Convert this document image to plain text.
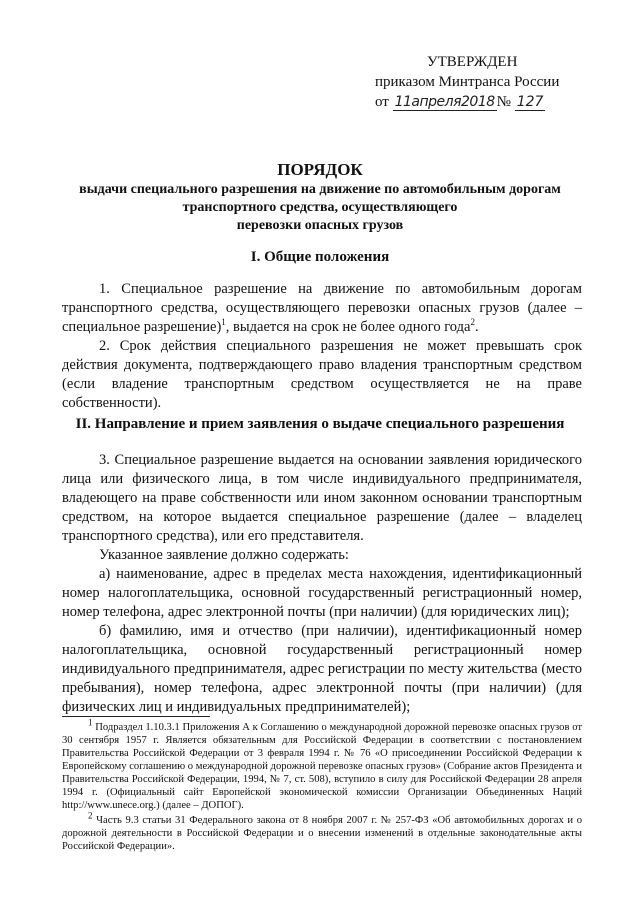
УТВЕРЖДЕН
приказом Минтранса России
от 11апреля2018 № 127
ПОРЯДОК
выдачи специального разрешения на движение по автомобильным дорогам
транспортного средства, осуществляющего
перевозки опасных грузов
I. Общие положения

1. Специальное разрешение на движение по автомобильным дорогам транспортного средства, осуществляющего перевозки опасных грузов (далее – специальное разрешение)$^1$, выдается на срок не более одного года$^2$.

2. Срок действия специального разрешения не может превышать срок действия документа, подтверждающего право владения транспортным средством (если владение транспортным средством осуществляется не на праве собственности).

II. Направление и прием заявления о выдаче специального разрешения

3. Специальное разрешение выдается на основании заявления юридического лица или физического лица, в том числе индивидуального предпринимателя, владеющего на праве собственности или ином законном основании транспортным средством, на которое выдается специальное разрешение (далее – владелец транспортного средства), или его представителя.

Указанное заявление должно содержать:

а) наименование, адрес в пределах места нахождения, идентификационный номер налогоплательщика, основной государственный регистрационный номер, номер телефона, адрес электронной почты (при наличии) (для юридических лиц);

б) фамилию, имя и отчество (при наличии), идентификационный номер налогоплательщика, основной государственный регистрационный номер индивидуального предпринимателя, адрес регистрации по месту жительства (место пребывания), номер телефона, адрес электронной почты (при наличии) (для физических лиц и индивидуальных предпринимателей);

$^1$ Подраздел 1.10.3.1 Приложения А к Соглашению о международной дорожной перевозке опасных грузов от 30 сентября 1957 г. Является обязательным для Российской Федерации в соответствии с постановлением Правительства Российской Федерации от 3 февраля 1994 г. № 76 «О присоединении Российской Федерации к Европейскому соглашению о международной дорожной перевозке опасных грузов» (Собрание актов Президента и Правительства Российской Федерации, 1994, № 7, ст. 508), вступило в силу для Российской Федерации 28 апреля 1994 г. (Официальный сайт Европейской экономической комиссии Организации Объединенных Наций http://www.unece.org.) (далее – ДОПОГ).

$^2$ Часть 9.3 статьи 31 Федерального закона от 8 ноября 2007 г. № 257-ФЗ «Об автомобильных дорогах и о дорожной деятельности в Российской Федерации и о внесении изменений в отдельные законодательные акты Российской Федерации».
